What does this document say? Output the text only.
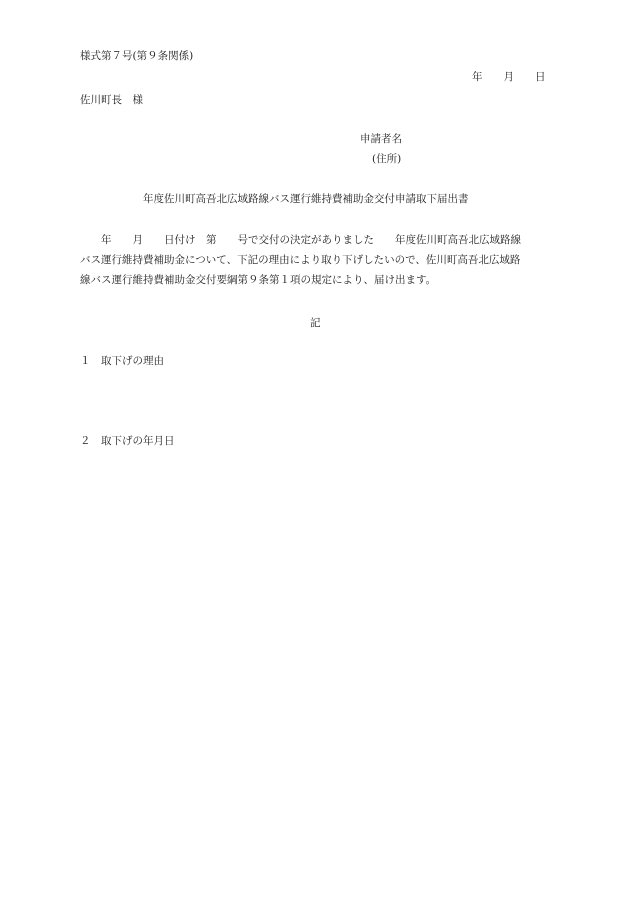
様式第７号(第９条関係)
年　　月　　日
佐川町長　様
申請者名
(住所)
年度佐川町高吾北広域路線バス運行維持費補助金交付申請取下届出書
　　年　　月　　日付け　第　　号で交付の決定がありました　　年度佐川町高吾北広域路線
バス運行維持費補助金について、下記の理由により取り下げしたいので、佐川町高吾北広域路
線バス運行維持費補助金交付要綱第９条第１項の規定により、届け出ます。
記
１　取下げの理由
２　取下げの年月日
